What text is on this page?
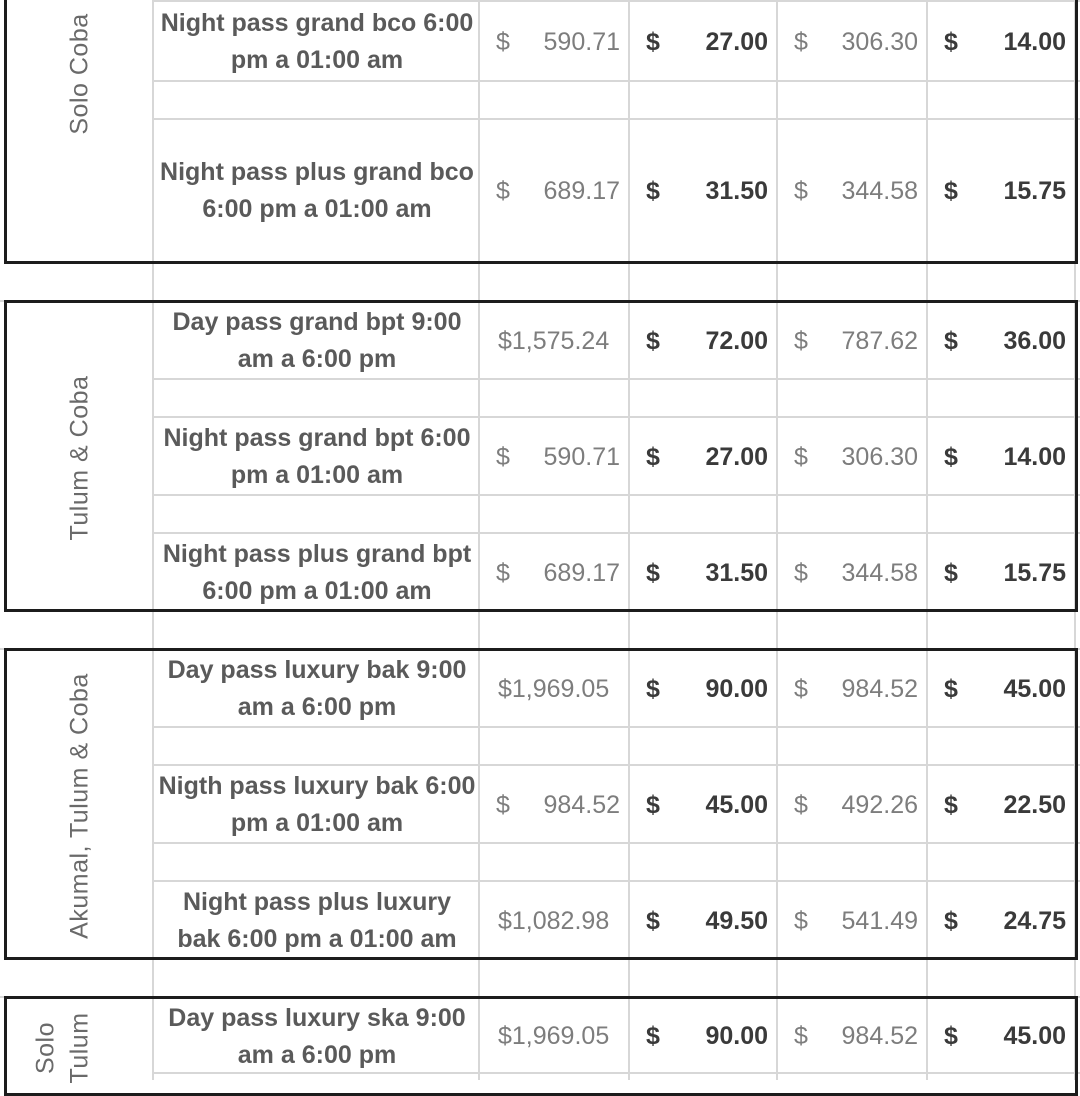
Solo Coba
Tulum & Coba
Akumal, Tulum & Coba
Solo Tulum
Night pass grand bco 6:00 pm a 01:00 am
$ 590.71 $ 27.00 $ 306.30 $ 14.00
Night pass plus grand bco 6:00 pm a 01:00 am
$ 689.17 $ 31.50 $ 344.58 $ 15.75
Day pass grand bpt 9:00 am a 6:00 pm
$1,575.24 $ 72.00 $ 787.62 $ 36.00
Night pass grand bpt 6:00 pm a 01:00 am
$ 590.71 $ 27.00 $ 306.30 $ 14.00
Night pass plus grand bpt 6:00 pm a 01:00 am
$ 689.17 $ 31.50 $ 344.58 $ 15.75
Day pass luxury bak 9:00 am a 6:00 pm
$1,969.05 $ 90.00 $ 984.52 $ 45.00
Nigth pass luxury bak 6:00 pm a 01:00 am
$ 984.52 $ 45.00 $ 492.26 $ 22.50
Night pass plus luxury bak 6:00 pm a 01:00 am
$1,082.98 $ 49.50 $ 541.49 $ 24.75
Day pass luxury ska 9:00 am a 6:00 pm
$1,969.05 $ 90.00 $ 984.52 $ 45.00
